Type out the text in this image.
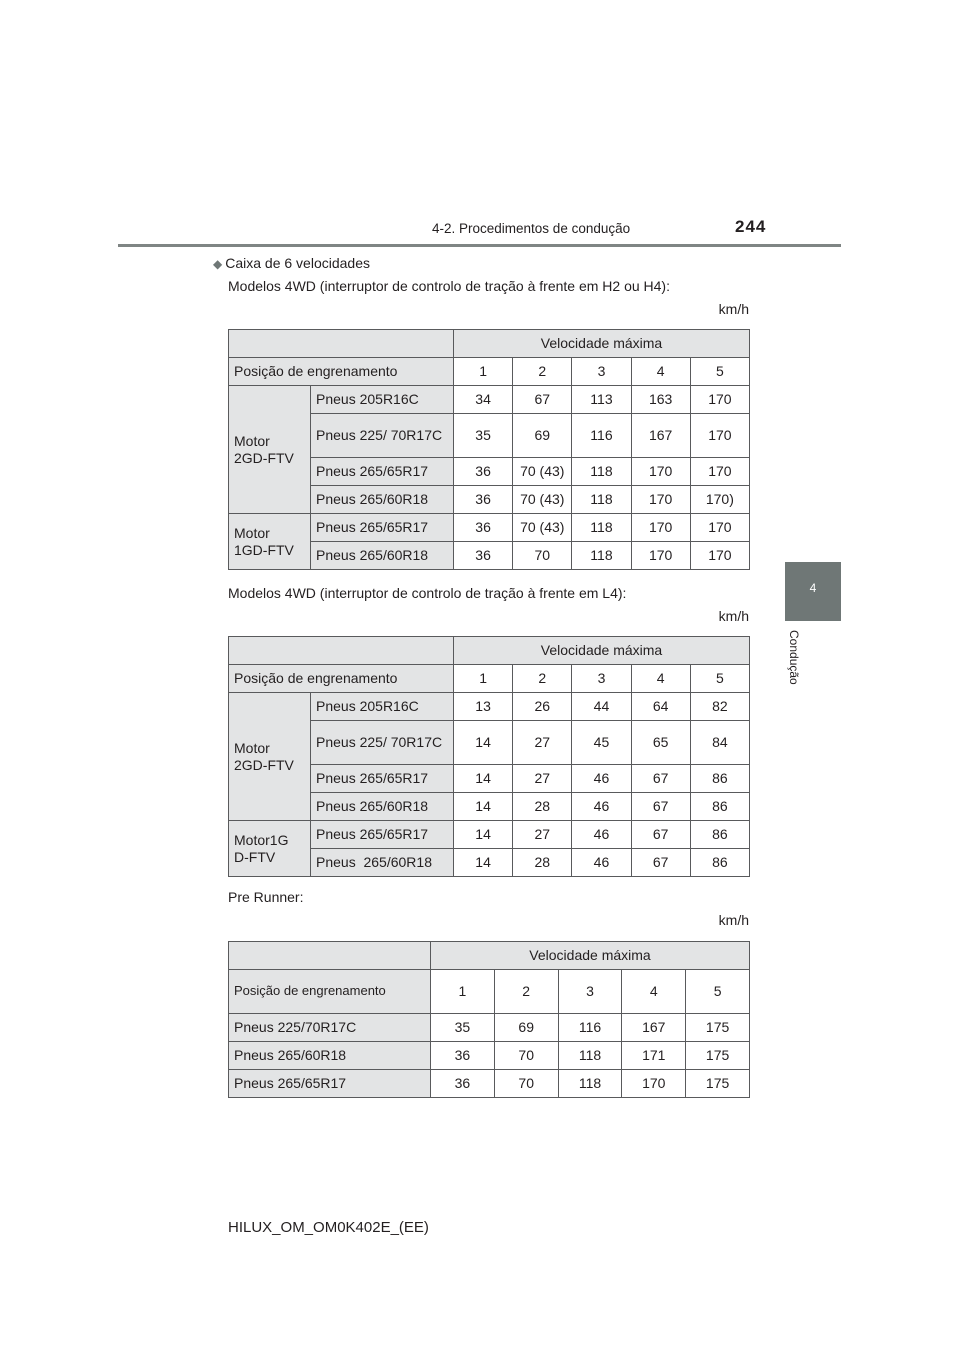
4-2. Procedimentos de condução	244
4
Condução
◆ Caixa de 6 velocidades
Modelos 4WD (interruptor de controlo de tração à frente em H2 ou H4):
km/h
		Velocidade máxima				
Posição de engrenamento		1	2	3	4	5
Motor 2GD-FTV	Pneus 205R16C	34	67	113	163	170
	Pneus 225/ 70R17C	35	69	116	167	170
	Pneus 265/65R17	36	70 (43)	118	170	170
	Pneus 265/60R18	36	70 (43)	118	170	170)
Motor 1GD-FTV	Pneus 265/65R17	36	70 (43)	118	170	170
	Pneus 265/60R18	36	70	118	170	170
Modelos 4WD (interruptor de controlo de tração à frente em L4):
km/h
		Velocidade máxima				
Posição de engrenamento		1	2	3	4	5
Motor 2GD-FTV	Pneus 205R16C	13	26	44	64	82
	Pneus 225/ 70R17C	14	27	45	65	84
	Pneus 265/65R17	14	27	46	67	86
	Pneus 265/60R18	14	28	46	67	86
Motor1G D-FTV	Pneus 265/65R17	14	27	46	67	86
	Pneus  265/60R18	14	28	46	67	86
Pre Runner:
km/h
	Velocidade máxima				
Posição de engrenamento	1	2	3	4	5
Pneus 225/70R17C	35	69	116	167	175
Pneus 265/60R18	36	70	118	171	175
Pneus 265/65R17	36	70	118	170	175
HILUX_OM_OM0K402E_(EE)
